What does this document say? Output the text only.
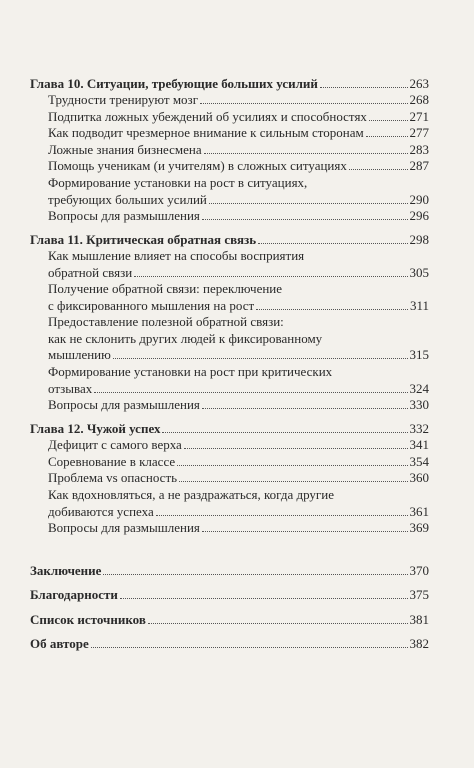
Глава 10. Ситуации, требующие больших усилий	263
Трудности тренируют мозг	268
Подпитка ложных убеждений об усилиях и способностях	271
Как подводит чрезмерное внимание к сильным сторонам	277
Ложные знания бизнесмена	283
Помощь ученикам (и учителям) в сложных ситуациях	287
Формирование установки на рост в ситуациях,
требующих больших усилий	290
Вопросы для размышления	296
Глава 11. Критическая обратная связь	298
Как мышление влияет на способы восприятия
обратной связи	305
Получение обратной связи: переключение
с фиксированного мышления на рост	311
Предоставление полезной обратной связи:
как не склонить других людей к фиксированному
мышлению	315
Формирование установки на рост при критических
отзывах	324
Вопросы для размышления	330
Глава 12. Чужой успех	332
Дефицит с самого верха	341
Соревнование в классе	354
Проблема vs опасность	360
Как вдохновляться, а не раздражаться, когда другие
добиваются успеха	361
Вопросы для размышления	369
Заключение	370
Благодарности	375
Список источников	381
Об авторе	382
